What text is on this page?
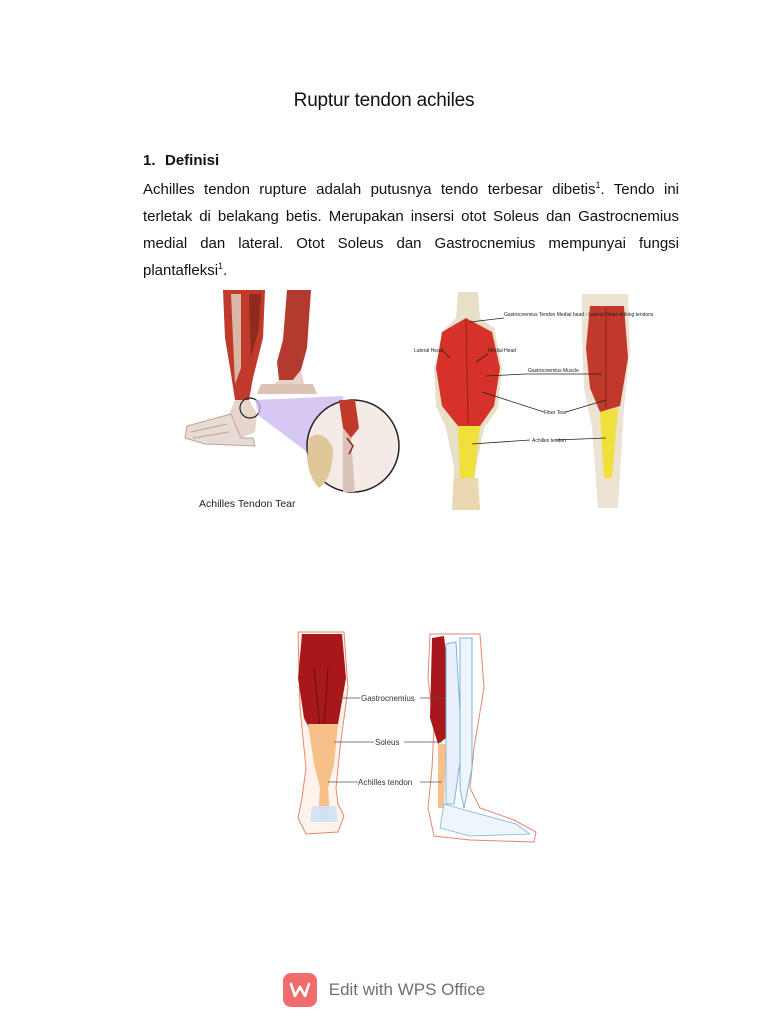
Ruptur tendon achiles
1. Definisi
Achilles tendon rupture adalah putusnya tendo terbesar dibetis$^1$. Tendo ini terletak di belakang betis. Merupakan insersi otot Soleus dan Gastrocnemius medial dan lateral. Otot Soleus dan Gastrocnemius mempunyai fungsi plantafleksi$^1$.
Achilles Tendon Tear
Gastrocnemius Tendon Medial head - Lateral Head striking tendons
Lateral Head	Medial Head
Gastrocnemius Muscle
Fiber Tear
Achilles tendon
Gastrocnemius
Soleus
Achilles tendon
Edit with WPS Office
